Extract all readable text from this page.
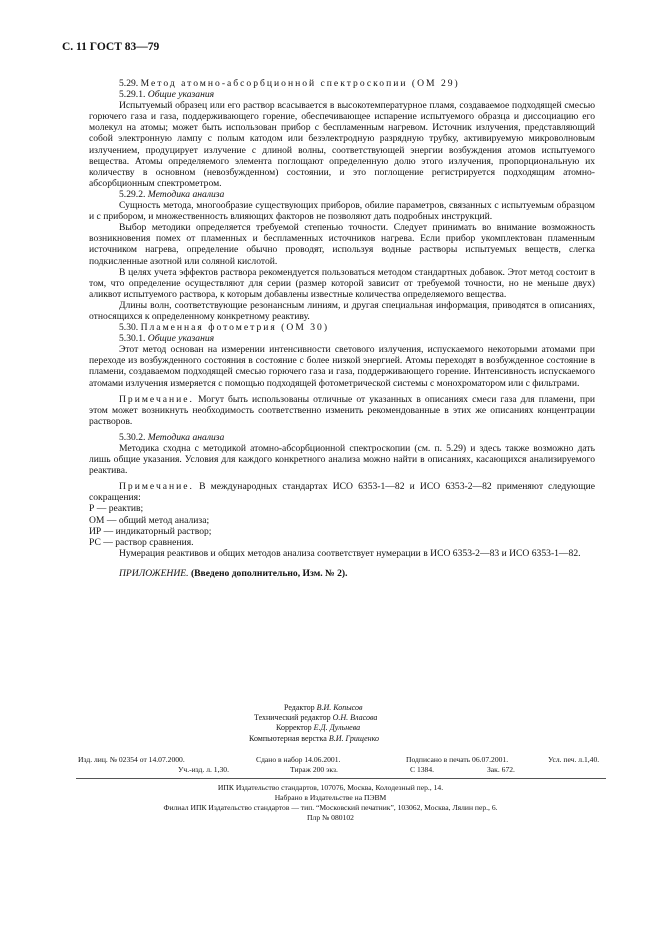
С. 11 ГОСТ 83—79

5.29. Метод атомно-абсорбционной спектроскопии (ОМ 29)

5.29.1. Общие указания

Испытуемый образец или его раствор всасывается в высокотемпературное пламя, создаваемое подходящей смесью горючего газа и газа, поддерживающего горение, обеспечивающее испарение испытуемого образца и диссоциацию его молекул на атомы; может быть использован прибор с беспламенным нагревом. Источник излучения, представляющий собой электронную лампу с полым катодом или безэлектродную разрядную трубку, активируемую микроволновым излучением, продуцирует излучение с длиной волны, соответствующей энергии возбуждения атомов испытуемого вещества. Атомы определяемого элемента поглощают определенную долю этого излучения, пропорциональную их количеству в основном (невозбужденном) состоянии, и это поглощение регистрируется подходящим атомно-абсорбционным спектрометром.

5.29.2. Методика анализа

Сущность метода, многообразие существующих приборов, обилие параметров, связанных с испытуемым образцом и с прибором, и множественность влияющих факторов не позволяют дать подробных инструкций.

Выбор методики определяется требуемой степенью точности. Следует принимать во внимание возможность возникновения помех от пламенных и беспламенных источников нагрева. Если прибор укомплектован пламенным источником нагрева, определение обычно проводят, используя водные растворы испытуемых веществ, слегка подкисленные азотной или соляной кислотой.

В целях учета эффектов раствора рекомендуется пользоваться методом стандартных добавок. Этот метод состоит в том, что определение осуществляют для серии (размер которой зависит от требуемой точности, но не меньше двух) аликвот испытуемого раствора, к которым добавлены известные количества определяемого вещества.

Длины волн, соответствующие резонансным линиям, и другая специальная информация, приводятся в описаниях, относящихся к определенному конкретному реактиву.

5.30. Пламенная фотометрия (ОМ 30)

5.30.1. Общие указания

Этот метод основан на измерении интенсивности светового излучения, испускаемого некоторыми атомами при переходе из возбужденного состояния в состояние с более низкой энергией. Атомы переходят в возбужденное состояние в пламени, создаваемом подходящей смесью горючего газа и газа, поддерживающего горение. Интенсивность испускаемого атомами излучения измеряется с помощью подходящей фотометрической системы с монохроматором или с фильтрами.

Примечание. Могут быть использованы отличные от указанных в описаниях смеси газа для пламени, при этом может возникнуть необходимость соответственно изменить рекомендованные в этих же описаниях концентрации растворов.

5.30.2. Методика анализа

Методика сходна с методикой атомно-абсорбционной спектроскопии (см. п. 5.29) и здесь также возможно дать лишь общие указания. Условия для каждого конкретного анализа можно найти в описаниях, касающихся анализируемого реактива.

Примечание. В международных стандартах ИСО 6353-1—82 и ИСО 6353-2—82 применяют следующие сокращения:

Р — реактив;

ОМ — общий метод анализа;

ИР — индикаторный раствор;

РС — раствор сравнения.

Нумерация реактивов и общих методов анализа соответствует нумерации в ИСО 6353-2—83 и ИСО 6353-1—82.

ПРИЛОЖЕНИЕ. (Введено дополнительно, Изм. № 2).

Редактор В.И. Копысов
Технический редактор О.Н. Власова
Корректор Е.Д. Дульнева
Компьютерная верстка В.И. Грищенко
Изд. лиц. № 02354 от 14.07.2000.	Сдано в набор 14.06.2001.	Подписано в печать 06.07.2001.	Усл. печ. л.1,40.
Уч.-изд. л. 1,30.	Тираж 200 экз.	С 1384.	Зак. 672.
ИПК Издательство стандартов, 107076, Москва, Колодезный пер., 14.
Набрано в Издательстве на ПЭВМ
Филиал ИПК Издательство стандартов — тип. “Московский печатник”, 103062, Москва, Лялин пер., 6.
Плр № 080102
